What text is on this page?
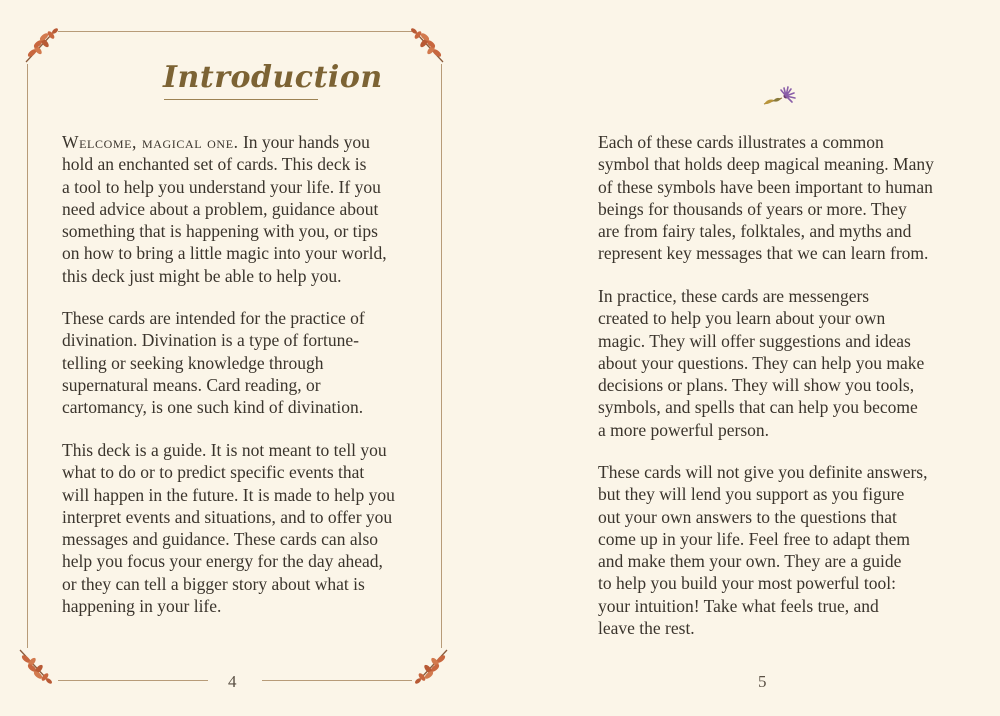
Introduction

Welcome, magical one. In your hands you
hold an enchanted set of cards. This deck is
a tool to help you understand your life. If you
need advice about a problem, guidance about
something that is happening with you, or tips
on how to bring a little magic into your world,
this deck just might be able to help you.

These cards are intended for the practice of
divination. Divination is a type of fortune-
telling or seeking knowledge through
supernatural means. Card reading, or
cartomancy, is one such kind of divination.

This deck is a guide. It is not meant to tell you
what to do or to predict specific events that
will happen in the future. It is made to help you
interpret events and situations, and to offer you
messages and guidance. These cards can also
help you focus your energy for the day ahead,
or they can tell a bigger story about what is
happening in your life.

4

Each of these cards illustrates a common
symbol that holds deep magical meaning. Many
of these symbols have been important to human
beings for thousands of years or more. They
are from fairy tales, folktales, and myths and
represent key messages that we can learn from.

In practice, these cards are messengers
created to help you learn about your own
magic. They will offer suggestions and ideas
about your questions. They can help you make
decisions or plans. They will show you tools,
symbols, and spells that can help you become
a more powerful person.

These cards will not give you definite answers,
but they will lend you support as you figure
out your own answers to the questions that
come up in your life. Feel free to adapt them
and make them your own. They are a guide
to help you build your most powerful tool:
your intuition! Take what feels true, and
leave the rest.

5
